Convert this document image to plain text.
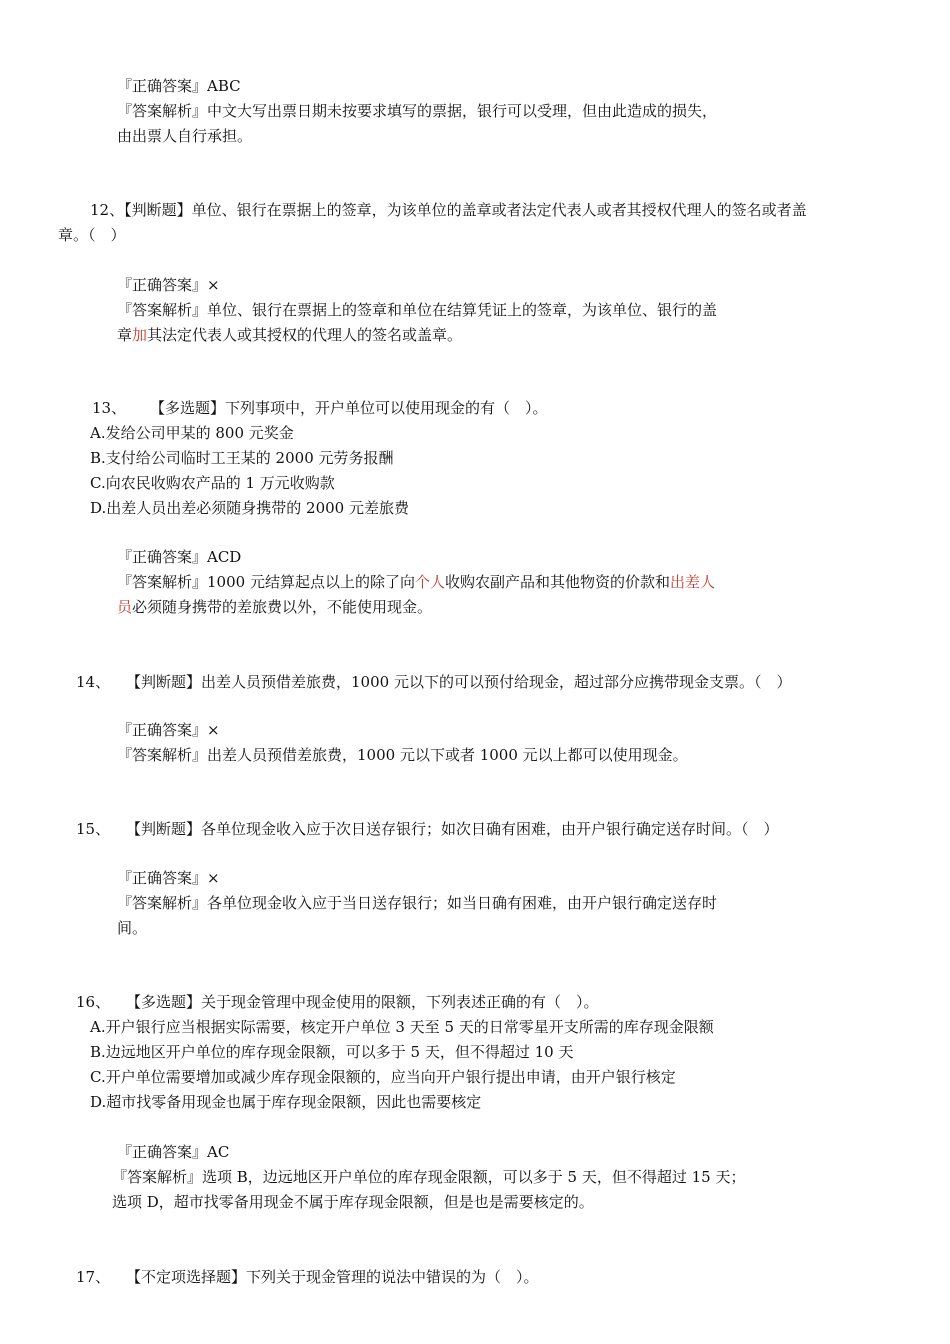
『正确答案』ABC
『答案解析』中文大写出票日期未按要求填写的票据，银行可以受理，但由此造成的损失，
由出票人自行承担。
12、【判断题】单位、银行在票据上的签章，为该单位的盖章或者法定代表人或者其授权代理人的签名或者盖
章。（　）
『正确答案』×
『答案解析』单位、银行在票据上的签章和单位在结算凭证上的签章，为该单位、银行的盖
章加其法定代表人或其授权的代理人的签名或盖章。
13、 【多选题】下列事项中，开户单位可以使用现金的有（　）。
A.发给公司甲某的 800 元奖金
B.支付给公司临时工王某的 2000 元劳务报酬
C.向农民收购农产品的 1 万元收购款
D.出差人员出差必须随身携带的 2000 元差旅费
『正确答案』ACD
『答案解析』1000 元结算起点以上的除了向个人收购农副产品和其他物资的价款和出差人
员必须随身携带的差旅费以外，不能使用现金。
14、 【判断题】出差人员预借差旅费，1000 元以下的可以预付给现金，超过部分应携带现金支票。（　）
『正确答案』×
『答案解析』出差人员预借差旅费，1000 元以下或者 1000 元以上都可以使用现金。
15、 【判断题】各单位现金收入应于次日送存银行；如次日确有困难，由开户银行确定送存时间。（　）
『正确答案』×
『答案解析』各单位现金收入应于当日送存银行；如当日确有困难，由开户银行确定送存时
间。
16、 【多选题】关于现金管理中现金使用的限额，下列表述正确的有（　）。
A.开户银行应当根据实际需要，核定开户单位 3 天至 5 天的日常零星开支所需的库存现金限额
B.边远地区开户单位的库存现金限额，可以多于 5 天，但不得超过 10 天
C.开户单位需要增加或减少库存现金限额的，应当向开户银行提出申请，由开户银行核定
D.超市找零备用现金也属于库存现金限额，因此也需要核定
『正确答案』AC
『答案解析』选项 B，边远地区开户单位的库存现金限额，可以多于 5 天，但不得超过 15 天；
选项 D，超市找零备用现金不属于库存现金限额，但是也是需要核定的。
17、 【不定项选择题】下列关于现金管理的说法中错误的为（　）。
